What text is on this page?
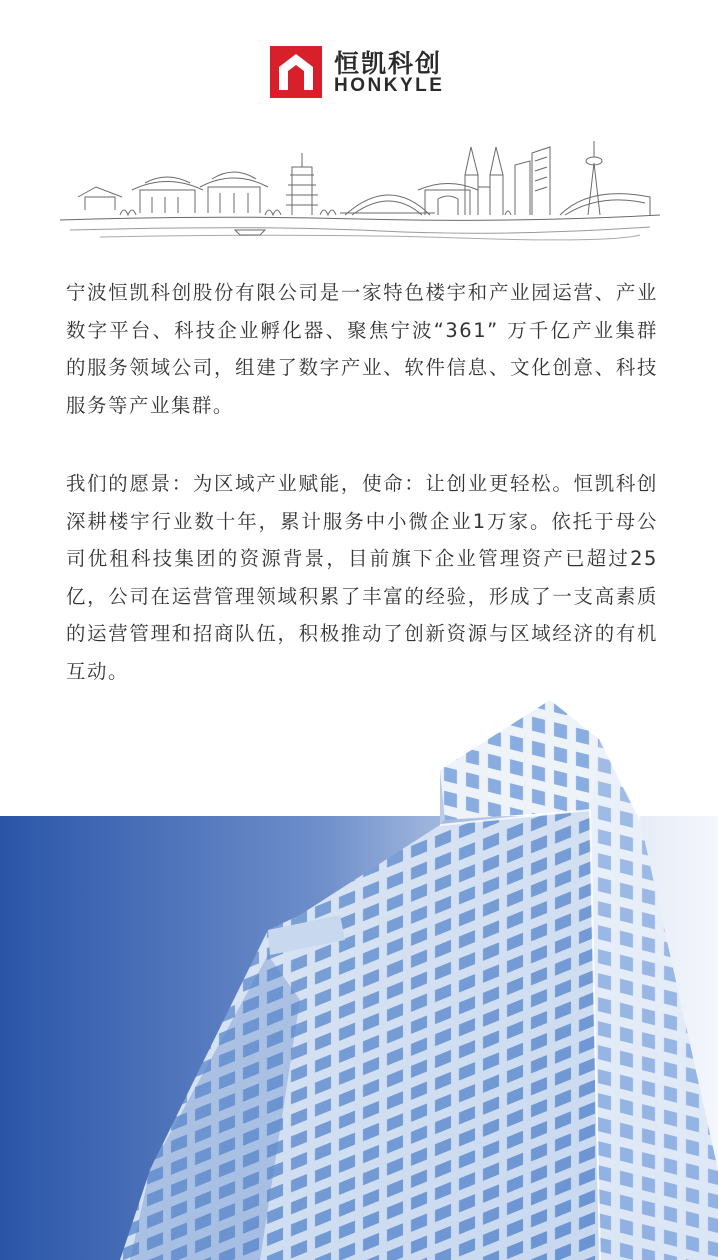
恒凯科创
HONKYLE

宁波恒凯科创股份有限公司是一家特色楼宇和产业园运营、产业数字平台、科技企业孵化器、聚焦宁波“361” 万千亿产业集群的服务领域公司，组建了数字产业、软件信息、文化创意、科技服务等产业集群。

我们的愿景：为区域产业赋能，使命：让创业更轻松。恒凯科创深耕楼宇行业数十年，累计服务中小微企业1万家。依托于母公司优租科技集团的资源背景，目前旗下企业管理资产已超过25亿，公司在运营管理领域积累了丰富的经验，形成了一支高素质的运营管理和招商队伍，积极推动了创新资源与区域经济的有机互动。
